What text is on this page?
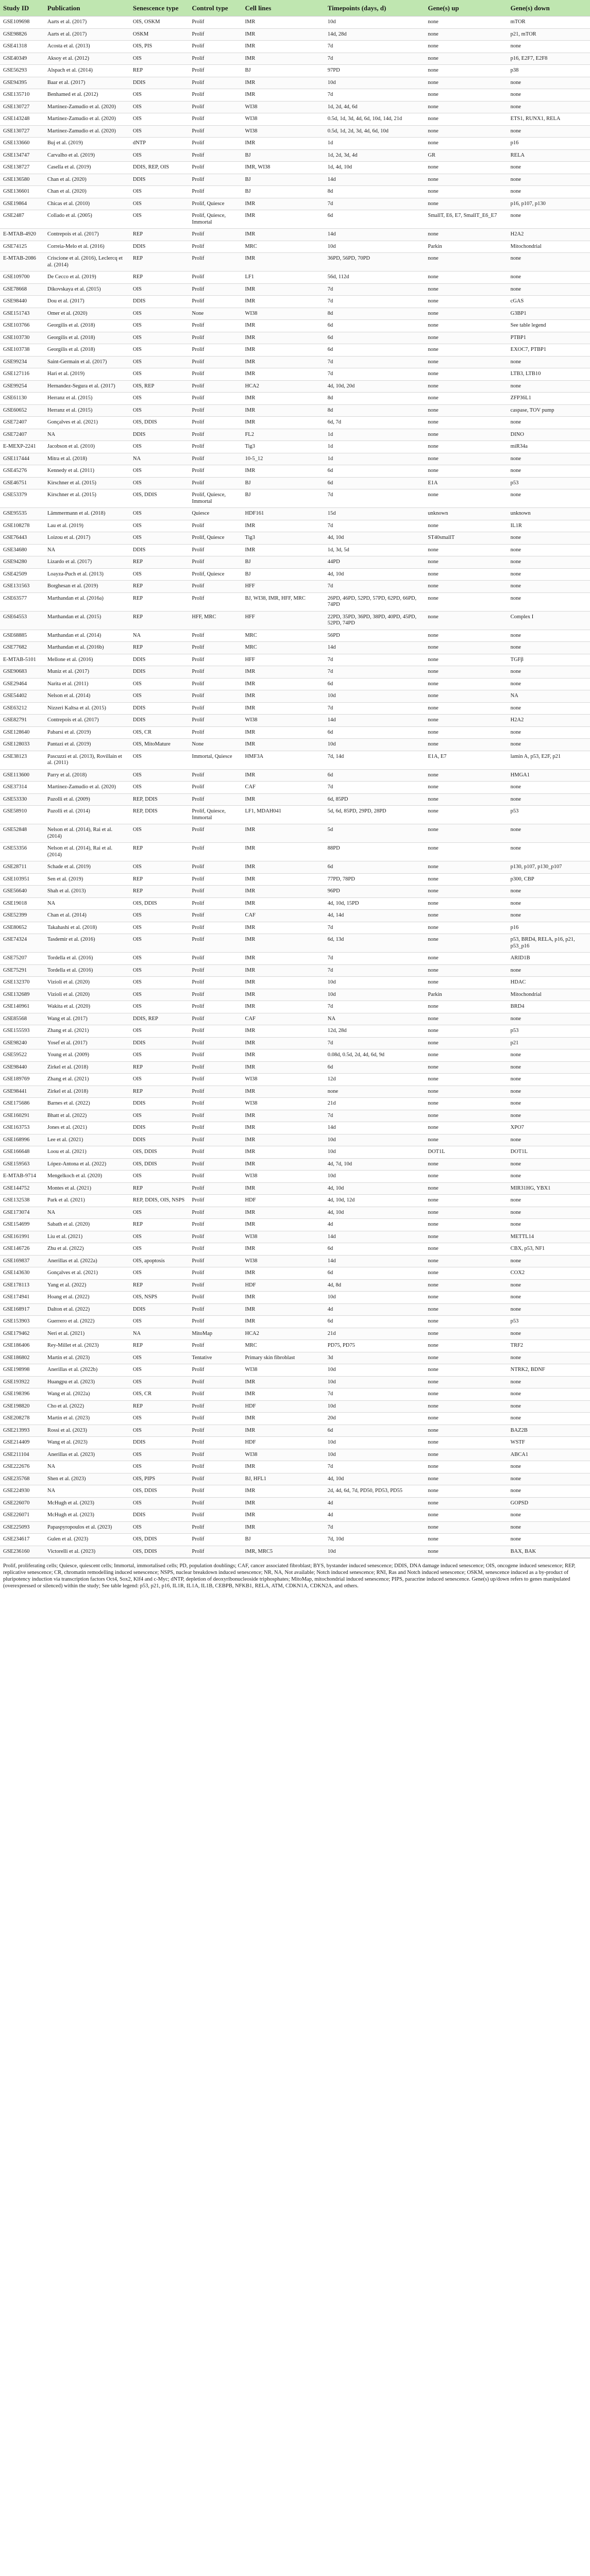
Study ID	Publication	Senescence type	Control type	Cell lines	Timepoints (days, d)	Gene(s) up	Gene(s) down
GSE109698	Aarts et al. (2017)	OIS, OSKM	Prolif	IMR	10d	none	mTOR
GSE98826	Aarts et al. (2017)	OSKM	Prolif	IMR	14d, 28d	none	p21, mTOR
GSE41318	Acosta et al. (2013)	OIS, PIS	Prolif	IMR	7d	none	none
GSE40349	Aksoy et al. (2012)	OIS	Prolif	IMR	7d	none	p16, E2F7, E2F8
GSE56293	Alspach et al. (2014)	REP	Prolif	BJ	97PD	none	p38
GSE94395	Baar et al. (2017)	DDIS	Prolif	IMR	10d	none	none
GSE135710	Benhamed et al. (2012)	OIS	Prolif	IMR	7d	none	none
GSE130727	Martinez-Zamudio et al. (2020)	OIS	Prolif	WI38	1d, 2d, 4d, 6d	none	none
GSE143248	Martinez-Zamudio et al. (2020)	OIS	Prolif	WI38	0.5d, 1d, 3d, 4d, 6d, 10d, 14d, 21d	none	ETS1, RUNX1, RELA
GSE130727	Martinez-Zamudio et al. (2020)	OIS	Prolif	WI38	0.5d, 1d, 2d, 3d, 4d, 6d, 10d	none	none
GSE133660	Buj et al. (2019)	dNTP	Prolif	IMR	1d	none	p16
GSE134747	Carvalho et al. (2019)	OIS	Prolif	BJ	1d, 2d, 3d, 4d	GR	RELA
GSE138727	Casella et al. (2019)	DDIS, REP, OIS	Prolif	IMR, WI38	1d, 4d, 10d	none	none
GSE136580	Chan et al. (2020)	DDIS	Prolif	BJ	14d	none	none
GSE136601	Chan et al. (2020)	OIS	Prolif	BJ	8d	none	none
GSE19864	Chicas et al. (2010)	OIS	Prolif, Quiesce	IMR	7d	none	p16, p107, p130
GSE2487	Collado et al. (2005)	OIS	Prolif, Quiesce, Immortal	IMR	6d	SmallT, E6, E7, SmallT_E6_E7	none
E-MTAB-4920	Contrepois et al. (2017)	REP	Prolif	IMR	14d	none	H2A2
GSE74125	Correia-Melo et al. (2016)	DDIS	Prolif	MRC	10d	Parkin	Mitochondrial
E-MTAB-2086	Criscione et al. (2016), Leclercq et al. (2014)	REP	Prolif	IMR	36PD, 56PD, 70PD	none	none
GSE109700	De Cecco et al. (2019)	REP	Prolif	LF1	56d, 112d	none	none
GSE78668	Dikovskaya et al. (2015)	OIS	Prolif	IMR	7d	none	none
GSE98440	Dou et al. (2017)	DDIS	Prolif	IMR	7d	none	cGAS
GSE151743	Omer et al. (2020)	OIS	None	WI38	8d	none	G3BP1
GSE103766	Georgilis et al. (2018)	OIS	Prolif	IMR	6d	none	See table legend
GSE103730	Georgilis et al. (2018)	OIS	Prolif	IMR	6d	none	PTBP1
GSE103738	Georgilis et al. (2018)	OIS	Prolif	IMR	6d	none	EXOC7, PTBP1
GSE99234	Saint-Germain et al. (2017)	OIS	Prolif	IMR	7d	none	none
GSE127116	Hari et al. (2019)	OIS	Prolif	IMR	7d	none	LTB3, LTB10
GSE99254	Hernandez-Segura et al. (2017)	OIS, REP	Prolif	HCA2	4d, 10d, 20d	none	none
GSE61130	Herranz et al. (2015)	OIS	Prolif	IMR	8d	none	ZFP36L1
GSE60652	Herranz et al. (2015)	OIS	Prolif	IMR	8d	none	caspase, TOV pump
GSE72407	Gonçalves et al. (2021)	OIS, DDIS	Prolif	IMR	6d, 7d	none	none
GSE72407	NA	DDIS	Prolif	FL2	1d	none	DINO
E-MEXP-2241	Jacobson et al. (2010)	OIS	Prolif	Tig3	1d	none	miR34a
GSE117444	Mitra et al. (2018)	NA	Prolif	10-5_12	1d	none	none
GSE45276	Kennedy et al. (2011)	OIS	Prolif	IMR	6d	none	none
GSE46751	Kirschner et al. (2015)	OIS	Prolif	BJ	6d	E1A	p53
GSE53379	Kirschner et al. (2015)	OIS, DDIS	Prolif, Quiesce, Immortal	BJ	7d	none	none
GSE95535	Lämmermann et al. (2018)	OIS	Quiesce	HDF161	15d	unknown	unknown
GSE108278	Lau et al. (2019)	OIS	Prolif	IMR	7d	none	IL1R
GSE76443	Loizou et al. (2017)	OIS	Prolif, Quiesce	Tig3	4d, 10d	ST40smallT	none
GSE34680	NA	DDIS	Prolif	IMR	1d, 3d, 5d	none	none
GSE94280	Lizardo et al. (2017)	REP	Prolif	BJ	44PD	none	none
GSE42509	Loayza-Puch et al. (2013)	OIS	Prolif, Quiesce	BJ	4d, 10d	none	none
GSE131563	Borghesan et al. (2019)	REP	Prolif	HFF	7d	none	none
GSE63577	Marthandan et al. (2016a)	REP	Prolif	BJ, WI38, IMR, HFF, MRC	26PD, 46PD, 52PD, 57PD, 62PD, 66PD, 74PD	none	none
GSE64553	Marthandan et al. (2015)	REP	HFF, MRC	HFF	22PD, 35PD, 36PD, 38PD, 40PD, 45PD, 52PD, 74PD	none	Complex I
GSE68885	Marthandan et al. (2014)	NA	Prolif	MRC	56PD	none	none
GSE77682	Marthandan et al. (2016b)	REP	Prolif	MRC	14d	none	none
E-MTAB-5101	Mellone et al. (2016)	DDIS	Prolif	HFF	7d	none	TGFβ
GSE90683	Muniz et al. (2017)	DDIS	Prolif	IMR	7d	none	none
GSE29464	Narita et al. (2011)	OIS	Prolif	IMR	6d	none	none
GSE54402	Nelson et al. (2014)	OIS	Prolif	IMR	10d	none	NA
GSE63212	Nizzeri Kaltsa et al. (2015)	DDIS	Prolif	IMR	7d	none	none
GSE82791	Contrepois et al. (2017)	DDIS	Prolif	WI38	14d	none	H2A2
GSE128640	Pabarsi et al. (2019)	OIS, CR	Prolif	IMR	6d	none	none
GSE128033	Pantazi et al. (2019)	OIS, MitoMature	None	IMR	10d	none	none
GSE38123	Pascuzzi et al. (2013), Rovillain et al. (2011)	OIS	Immortal, Quiesce	HMF3A	7d, 14d	E1A, E7	lamin A, p53, E2F, p21
GSE113600	Parry et al. (2018)	OIS	Prolif	IMR	6d	none	HMGA1
GSE37314	Martinez-Zamudio et al. (2020)	OIS	Prolif	CAF	7d	none	none
GSE53330	Pazolli et al. (2009)	REP, DDIS	Prolif	IMR	6d, 85PD	none	none
GSE58910	Pazolli et al. (2014)	REP, DDIS	Prolif, Quiesce, Immortal	LF1, MDAH041	5d, 6d, 85PD, 29PD, 28PD	none	p53
GSE52848	Nelson et al. (2014), Rai et al. (2014)	OIS	Prolif	IMR	5d	none	none
GSE53356	Nelson et al. (2014), Rai et al. (2014)	REP	Prolif	IMR	88PD	none	none
GSE28711	Schade et al. (2019)	OIS	Prolif	IMR	6d	none	p130, p107, p130_p107
GSE103951	Sen et al. (2019)	REP	Prolif	IMR	77PD, 78PD	none	p300, CBP
GSE56640	Shah et al. (2013)	REP	Prolif	IMR	96PD	none	none
GSE19018	NA	OIS, DDIS	Prolif	IMR	4d, 10d, 15PD	none	none
GSE52399	Chan et al. (2014)	OIS	Prolif	CAF	4d, 14d	none	none
GSE80652	Takahashi et al. (2018)	OIS	Prolif	IMR	7d	none	p16
GSE74324	Tasdemir et al. (2016)	OIS	Prolif	IMR	6d, 13d	none	p53, BRD4, RELA, p16, p21, p53_p16
GSE75207	Tordella et al. (2016)	OIS	Prolif	IMR	7d	none	ARID1B
GSE75291	Tordella et al. (2016)	OIS	Prolif	IMR	7d	none	none
GSE132370	Vizioli et al. (2020)	OIS	Prolif	IMR	10d	none	HDAC
GSE132689	Vizioli et al. (2020)	OIS	Prolif	IMR	10d	Parkin	Mitochondrial
GSE140961	Wakita et al. (2020)	OIS	Prolif	IMR	7d	none	BRD4
GSE85568	Wang et al. (2017)	DDIS, REP	Prolif	CAF	NA	none	none
GSE155593	Zhang et al. (2021)	OIS	Prolif	IMR	12d, 28d	none	p53
GSE98240	Yosef et al. (2017)	DDIS	Prolif	IMR	7d	none	p21
GSE59522	Young et al. (2009)	OIS	Prolif	IMR	0.08d, 0.5d, 2d, 4d, 6d, 9d	none	none
GSE98440	Zirkel et al. (2018)	REP	Prolif	IMR	6d	none	none
GSE189769	Zhang et al. (2021)	OIS	Prolif	WI38	12d	none	none
GSE98441	Zirkel et al. (2018)	REP	Prolif	IMR	none	none	none
GSE175686	Barnes et al. (2022)	DDIS	Prolif	WI38	21d	none	none
GSE160291	Bhatt et al. (2022)	OIS	Prolif	IMR	7d	none	none
GSE163753	Jones et al. (2021)	DDIS	Prolif	IMR	14d	none	XPO7
GSE168996	Lee et al. (2021)	DDIS	Prolif	IMR	10d	none	none
GSE166648	Loou et al. (2021)	OIS, DDIS	Prolif	IMR	10d	DOT1L	DOT1L
GSE159563	López-Antona et al. (2022)	OIS, DDIS	Prolif	IMR	4d, 7d, 10d	none	none
E-MTAB-9714	Mengelkoch et al. (2020)	OIS	Prolif	WI38	10d	none	none
GSE144752	Montes et al. (2021)	REP	Prolif	IMR	4d, 10d	none	MIR31HG, YBX1
GSE132538	Park et al. (2021)	REP, DDIS, OIS, NSPS	Prolif	HDF	4d, 10d, 12d	none	none
GSE173074	NA	OIS	Prolif	IMR	4d, 10d	none	none
GSE154699	Sabath et al. (2020)	REP	Prolif	IMR	4d	none	none
GSE161991	Liu et al. (2021)	OIS	Prolif	WI38	14d	none	METTL14
GSE146726	Zhu et al. (2022)	OIS	Prolif	IMR	6d	none	CBX, p53, NF1
GSE169837	Anerillas et al. (2022a)	OIS, apoptosis	Prolif	WI38	14d	none	none
GSE143630	Gonçalves et al. (2021)	OIS	Prolif	IMR	6d	none	COX2
GSE178113	Yang et al. (2022)	REP	Prolif	HDF	4d, 8d	none	none
GSE174941	Hoang et al. (2022)	OIS, NSPS	Prolif	IMR	10d	none	none
GSE168917	Dalton et al. (2022)	DDIS	Prolif	IMR	4d	none	none
GSE153903	Guerrero et al. (2022)	OIS	Prolif	IMR	6d	none	p53
GSE179462	Neri et al. (2021)	NA	MitoMap	HCA2	21d	none	none
GSE186406	Rey-Millet et al. (2023)	REP	Prolif	MRC	PD75, PD75	none	TRF2
GSE186802	Martin et al. (2023)	OIS	Tentative	Primary skin fibroblast	3d	none	none
GSE198998	Anerillas et al. (2022b)	OIS	Prolif	WI38	10d	none	NTRK2, BDNF
GSE193922	Huangpu et al. (2023)	OIS	Prolif	IMR	10d	none	none
GSE198396	Wang et al. (2022a)	OIS, CR	Prolif	IMR	7d	none	none
GSE198820	Cho et al. (2022)	REP	Prolif	HDF	10d	none	none
GSE208278	Martin et al. (2023)	OIS	Prolif	IMR	20d	none	none
GSE213993	Rossi et al. (2023)	OIS	Prolif	IMR	6d	none	BAZ2B
GSE214409	Wang et al. (2023)	DDIS	Prolif	HDF	10d	none	WSTF
GSE211104	Anerillas et al. (2023)	OIS	Prolif	WI38	10d	none	ABCA1
GSE222676	NA	OIS	Prolif	IMR	7d	none	none
GSE235768	Shen et al. (2023)	OIS, PIPS	Prolif	BJ, HFL1	4d, 10d	none	none
GSE224930	NA	OIS, DDIS	Prolif	IMR	2d, 4d, 6d, 7d, PD50, PD53, PD55	none	none
GSE226070	McHugh et al. (2023)	OIS	Prolif	IMR	4d	none	GOPSD
GSE226071	McHugh et al. (2023)	DDIS	Prolif	IMR	4d	none	none
GSE225093	Papaspyropoulos et al. (2023)	OIS	Prolif	IMR	7d	none	none
GSE234617	Gulen et al. (2023)	OIS, DDIS	Prolif	BJ	7d, 10d	none	none
GSE236160	Victorelli et al. (2023)	OIS, DDIS	Prolif	IMR, MRC5	10d	none	BAX, BAK
Prolif, proliferating cells; Quiesce, quiescent cells; Immortal, immortalised cells; PD, population doublings; CAF, cancer associated fibroblast; BYS, bystander induced senescence; DDIS, DNA damage induced senescence; OIS, oncogene induced senescence; REP, replicative senescence; CR, chromatin remodelling induced senescence; NSPS, nuclear breakdown induced senescence; NR, NA, Not available; Notch induced senescence; RNI, Ras and Notch induced senescence; OSKM, senescence induced as a by-product of pluripotency induction via transcription factors Oct4, Sox2, Klf4 and c-Myc; dNTP, depletion of deoxyribonucleoside triphosphates; MitoMap, mitochondrial induced senescence; PIPS, paracrine induced senescence. Gene(s) up/down refers to genes manipulated (overexpressed or silenced) within the study; See table legend: p53, p21, p16, IL1R, IL1A, IL1B, CEBPB, NFKB1, RELA, ATM, CDKN1A, CDKN2A, and others.
